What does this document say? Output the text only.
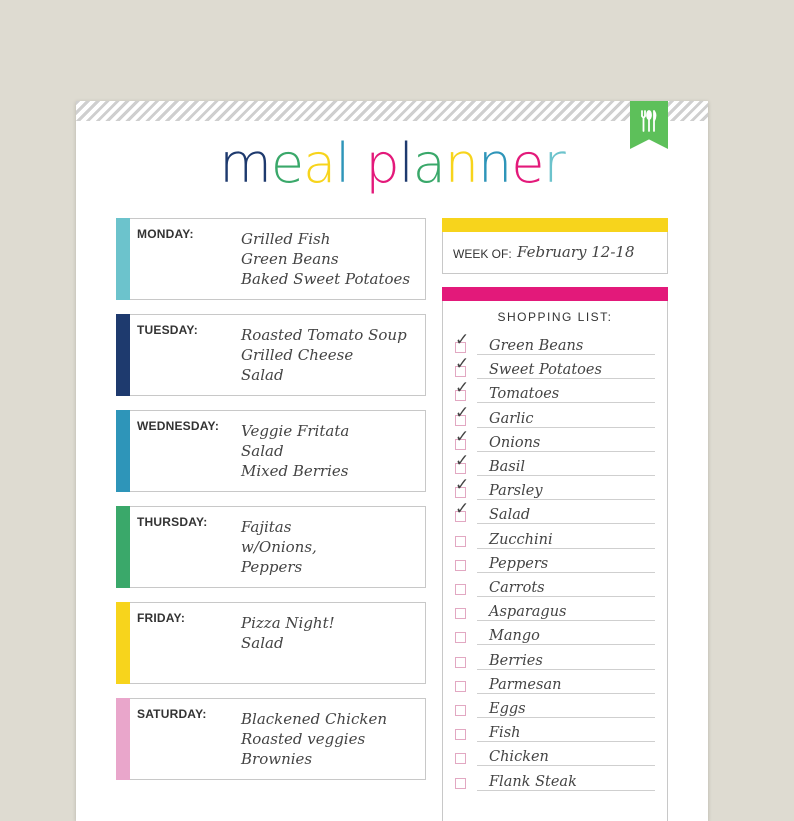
meal planner
MONDAY:	Grilled Fish
Green Beans
Baked Sweet Potatoes
TUESDAY:	Roasted Tomato Soup
Grilled Cheese
Salad
WEDNESDAY: Veggie Fritata
Salad
Mixed Berries
THURSDAY: Fajitas
w/Onions,
Peppers
FRIDAY:	Pizza Night!
Salad
SATURDAY: Blackened Chicken
Roasted veggies
Brownies
WEEK OF: February 12-18
SHOPPING LIST:
✓ Green Beans
✓ Sweet Potatoes
✓ Tomatoes
✓ Garlic
✓ Onions
✓ Basil
✓ Parsley
✓ Salad
Zucchini
Peppers
Carrots
Asparagus
Mango
Berries
Parmesan
Eggs
Fish
Chicken
Flank Steak
